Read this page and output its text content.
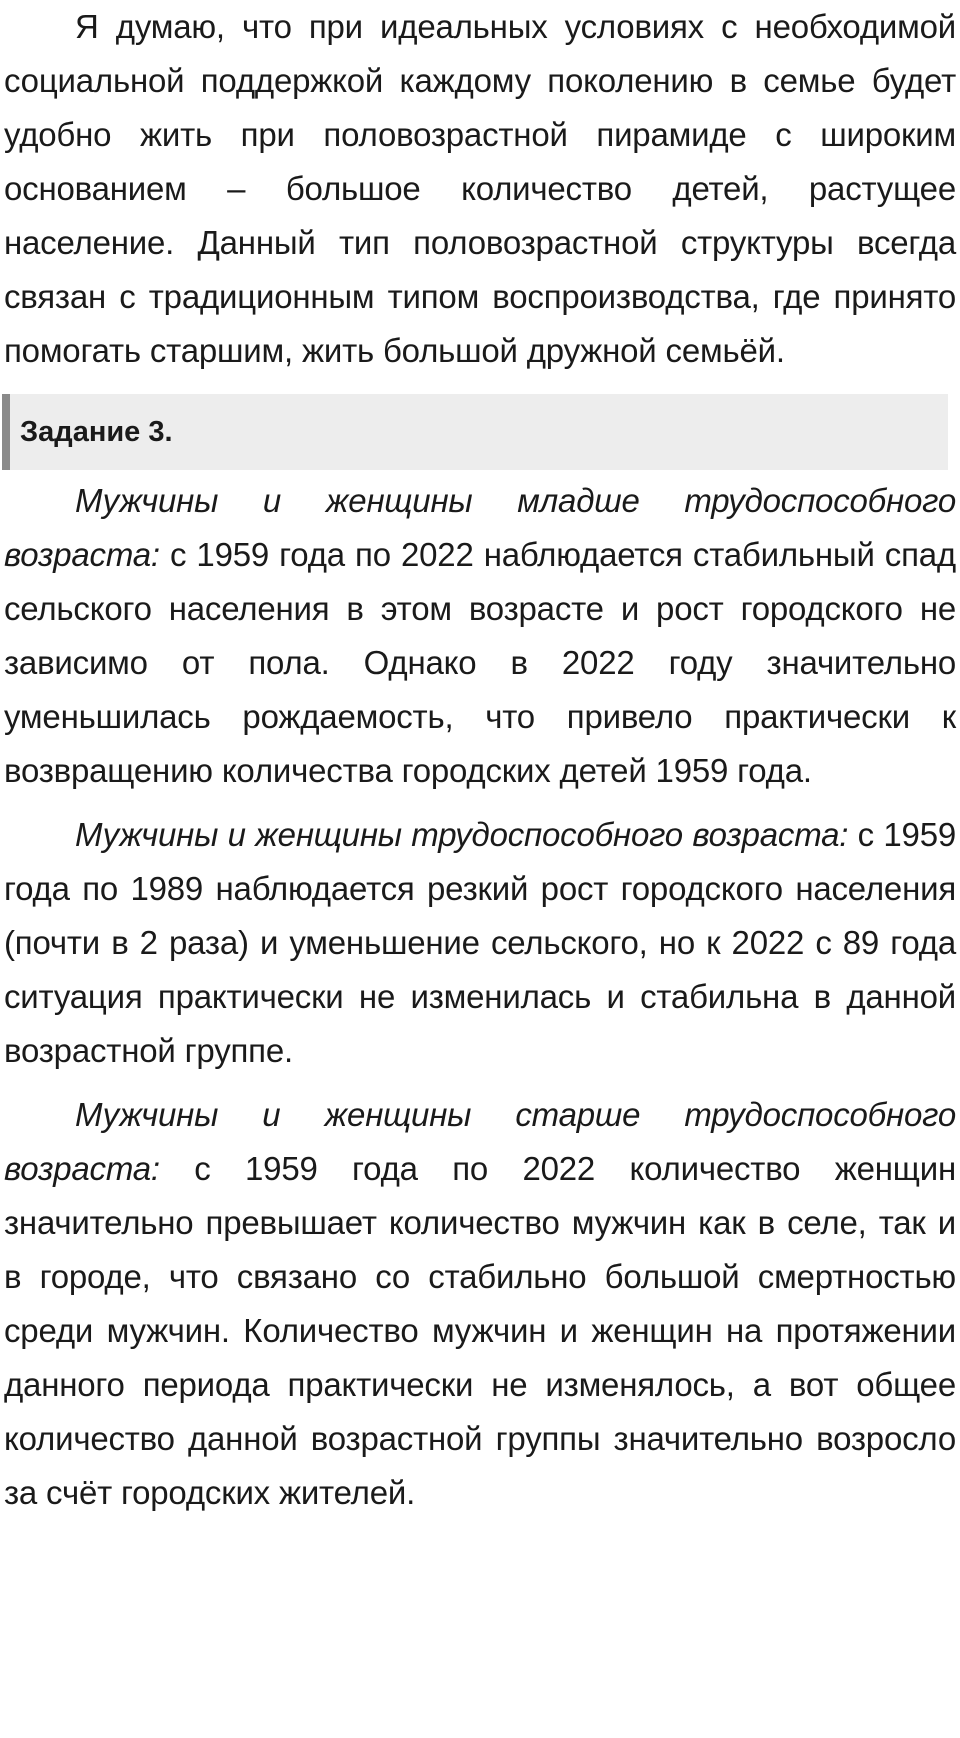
Я думаю, что при идеальных условиях с необходимой социальной поддержкой каждому поколению в семье будет удобно жить при половозрастной пирамиде с широким основанием – большое количество детей, растущее население. Данный тип половозрастной структуры всегда связан с традиционным типом воспроизводства, где принято помогать старшим, жить большой дружной семьёй.

Задание 3.

Мужчины и женщины младше трудоспособного возраста: с 1959 года по 2022 наблюдается стабильный спад сельского населения в этом возрасте и рост городского не зависимо от пола. Однако в 2022 году значительно уменьшилась рождаемость, что привело практически к возвращению количества городских детей 1959 года.

Мужчины и женщины трудоспособного возраста: с 1959 года по 1989 наблюдается резкий рост городского населения (почти в 2 раза) и уменьшение сельского, но к 2022 с 89 года ситуация практически не изменилась и стабильна в данной возрастной группе.

Мужчины и женщины старше трудоспособного возраста: с 1959 года по 2022 количество женщин значительно превышает количество мужчин как в селе, так и в городе, что связано со стабильно большой смертностью среди мужчин. Количество мужчин и женщин на протяжении данного периода практически не изменялось, а вот общее количество данной возрастной группы значительно возросло за счёт городских жителей.
